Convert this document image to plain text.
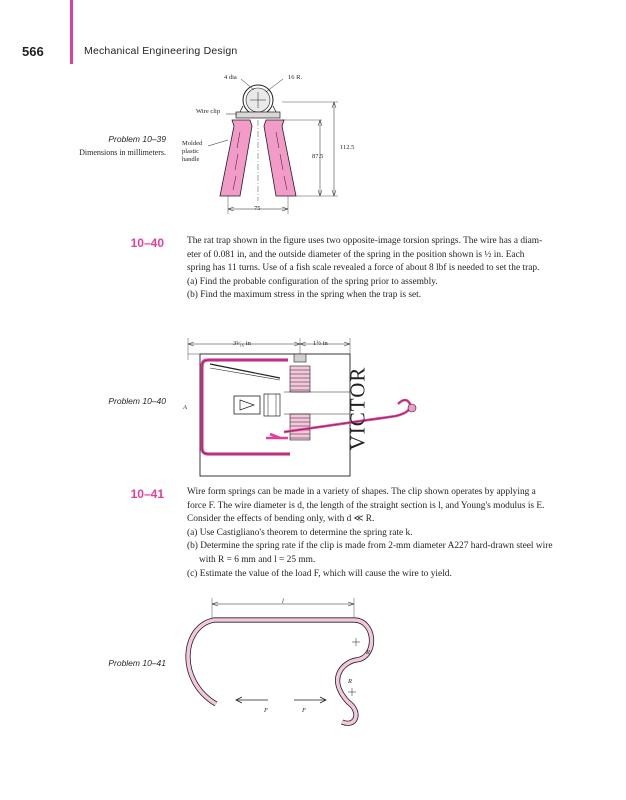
566	Mechanical Engineering Design
Problem 10–39
Dimensions in millimeters.
4 dia	16 R.
Wire clip
Molded
plastic
handle
112.5
87.5
75
10–40 The rat trap shown in the figure uses two opposite-image torsion springs. The wire has a diam-

eter of 0.081 in, and the outside diameter of the spring in the position shown is ½ in. Each

spring has 11 turns. Use of a fish scale revealed a force of about 8 lbf is needed to set the trap.

(a) Find the probable configuration of the spring prior to assembly.

(b) Find the maximum stress in the spring when the trap is set.

Problem 10–40
A
3⁵⁄₁₆ in	1½ in
VICTOR
10–41 Wire form springs can be made in a variety of shapes. The clip shown operates by applying a

force F. The wire diameter is d, the length of the straight section is l, and Young's modulus is E.

Consider the effects of bending only, with d ≪ R.

(a) Use Castigliano's theorem to determine the spring rate k.

(b) Determine the spring rate if the clip is made from 2-mm diameter A227 hard-drawn steel wire

with R = 6 mm and l = 25 mm.

(c) Estimate the value of the load F, which will cause the wire to yield.

Problem 10–41
l
R
R
F	F
